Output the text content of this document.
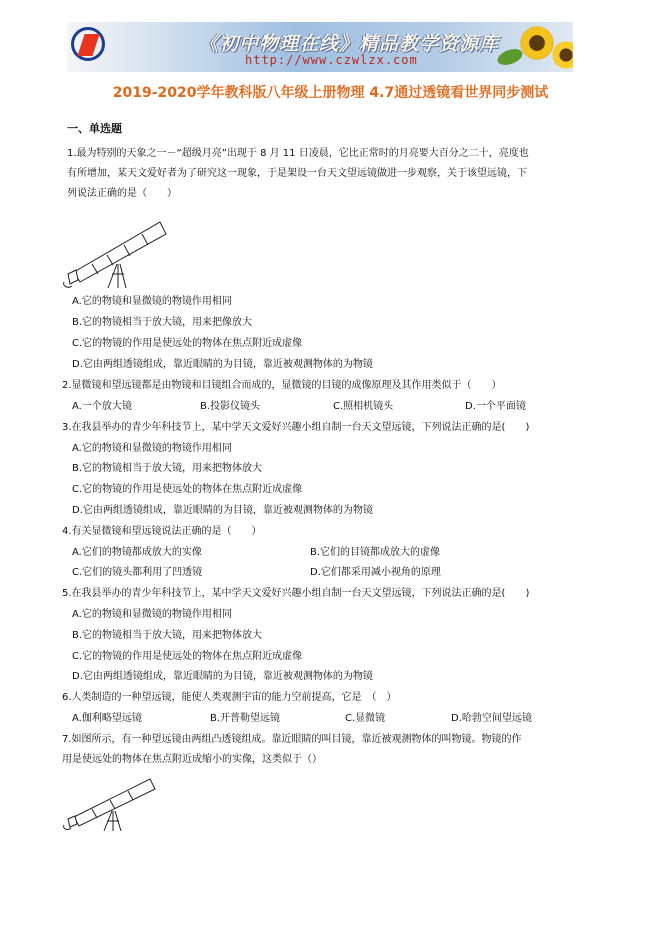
《初中物理在线》精品教学资源库
http://www.czwlzx.com
2019-2020学年教科版八年级上册物理 4.7通过透镜看世界同步测试
一、单选题
1.最为特别的天象之一－“超级月亮”出现于 8 月 11 日凌晨，它比正常时的月亮要大百分之二十，亮度也
有所增加，某天文爱好者为了研究这一现象，于是架设一台天文望远镜做进一步观察，关于该望远镜，下
列说法正确的是（　　）
A.它的物镜和显微镜的物镜作用相同
B.它的物镜相当于放大镜，用来把像放大
C.它的物镜的作用是使远处的物体在焦点附近成虚像
D.它由两组透镜组成，靠近眼睛的为目镜，靠近被观测物体的为物镜
2.显微镜和望远镜都是由物镜和目镜组合而成的，显微镜的目镜的成像原理及其作用类似于（　　）
A.一个放大镜	B.投影仪镜头	C.照相机镜头	D.一个平面镜
3.在我县举办的青少年科技节上，某中学天文爱好兴趣小组自制一台天文望远镜，下列说法正确的是(　　)
A.它的物镜和显微镜的物镜作用相同
B.它的物镜相当于放大镜，用来把物体放大
C.它的物镜的作用是使远处的物体在焦点附近成虚像
D.它由两组透镜组成，靠近眼睛的为目镜，靠近被观测物体的为物镜
4.有关显微镜和望远镜说法正确的是（　　）
A.它们的物镜都成放大的实像	B.它们的目镜都成放大的虚像
C.它们的镜头都利用了凹透镜	D.它们都采用减小视角的原理
5.在我县举办的青少年科技节上，某中学天文爱好兴趣小组自制一台天文望远镜，下列说法正确的是(　　)
A.它的物镜和显微镜的物镜作用相同
B.它的物镜相当于放大镜，用来把物体放大
C.它的物镜的作用是使远处的物体在焦点附近成虚像
D.它由两组透镜组成，靠近眼睛的为目镜，靠近被观测物体的为物镜
6.人类制造的一种望远镜，能使人类观测宇宙的能力空前提高，它是　（　）
A.伽利略望远镜	B.开普勒望远镜	C.显微镜	D.哈勃空间望远镜
7.如图所示，有一种望远镜由两组凸透镜组成。靠近眼睛的叫目镜，靠近被观测物体的叫物镜。物镜的作
用是使远处的物体在焦点附近成缩小的实像，这类似于（）
